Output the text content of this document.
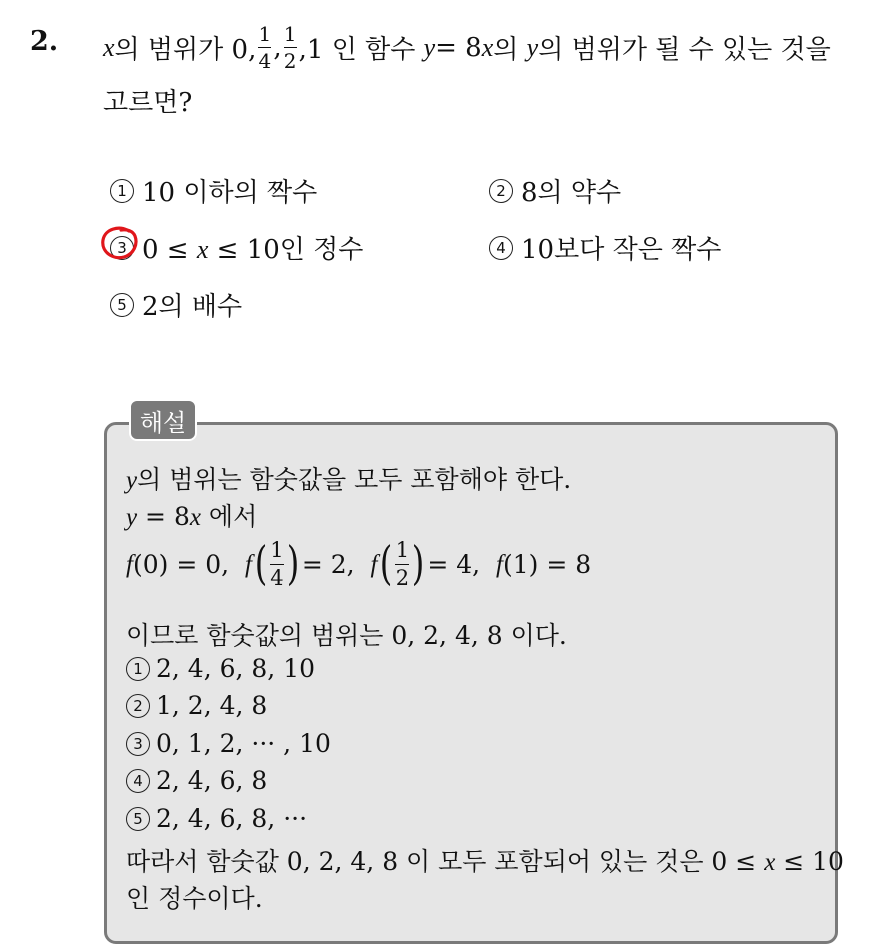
2. x 의 범위가 0, $\frac{1}{4}$ , $\frac{1}{2} ,1$ 인 함수
y = 8 x 의
y 의 범위가 될 수 있는 것을
고르면?
1 10 이하의 짝수	2 8의 약수
3 0 ≤ x ≤ 10인 정수	4 10보다 작은 짝수
5 2의 배수
해설
y의 범위는 함숫값을 모두 포함해야 한다.
y = 8x 에서
f (0) = 0,
f ( 1
4 ) = 2,
f ( 1
2 ) = 4,
f (1) = 8
이므로 함숫값의 범위는 0, 2, 4, 8 이다.
1 2, 4, 6, 8, 10
2 1, 2, 4, 8
3 0, 1, 2, ··· , 10
4 2, 4, 6, 8
5 2, 4, 6, 8, ···
따라서 함숫값 0, 2, 4, 8 이 모두 포함되어 있는 것은 0 ≤ x ≤ 10
인 정수이다.
